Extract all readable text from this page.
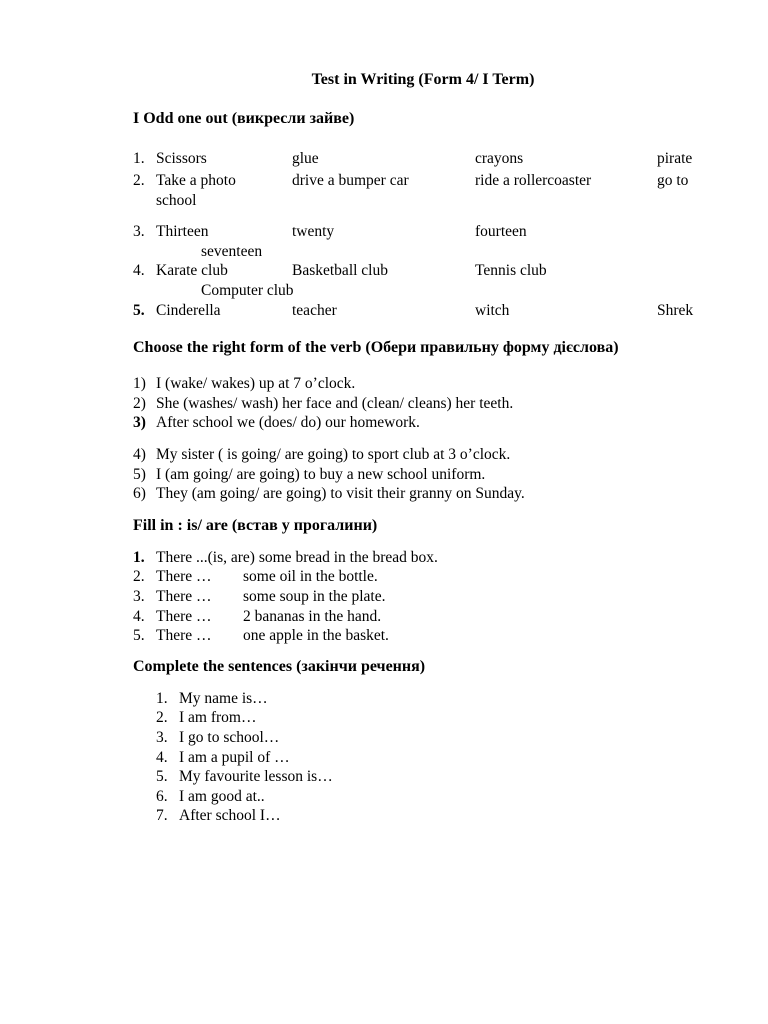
Test in Writing (Form 4/ I Term)
I Odd one out (викресли зайве)
1. Scissors	glue	crayons	pirate
2. Take a photo	drive a bumper car	ride a rollercoaster	go to
school
3. Thirteen	twenty	fourteen
seventeen
4. Karate club	Basketball club	Tennis club
Computer club
5. Cinderella	teacher	witch	Shrek
Choose the right form of the verb (Обери правильну форму дієслова)
1) I (wake/ wakes) up at 7 o’clock.
2) She (washes/ wash) her face and (clean/ cleans) her teeth.
3) After school we (does/ do) our homework.
4) My sister ( is going/ are going) to sport club at 3 o’clock.
5) I (am going/ are going) to buy a new school uniform.
6) They (am going/ are going) to visit their granny on Sunday.
Fill in : is/ are (встав у прогалини)
1. There ...(is, are) some bread in the bread box.
2. There … some oil in the bottle.
3. There … some soup in the plate.
4. There … 2 bananas in the hand.
5. There … one apple in the basket.
Complete the sentences (закінчи речення)
1. My name is…
2. I am from…
3. I go to school…
4. I am a pupil of …
5. My favourite lesson is…
6. I am good at..
7. After school I…
